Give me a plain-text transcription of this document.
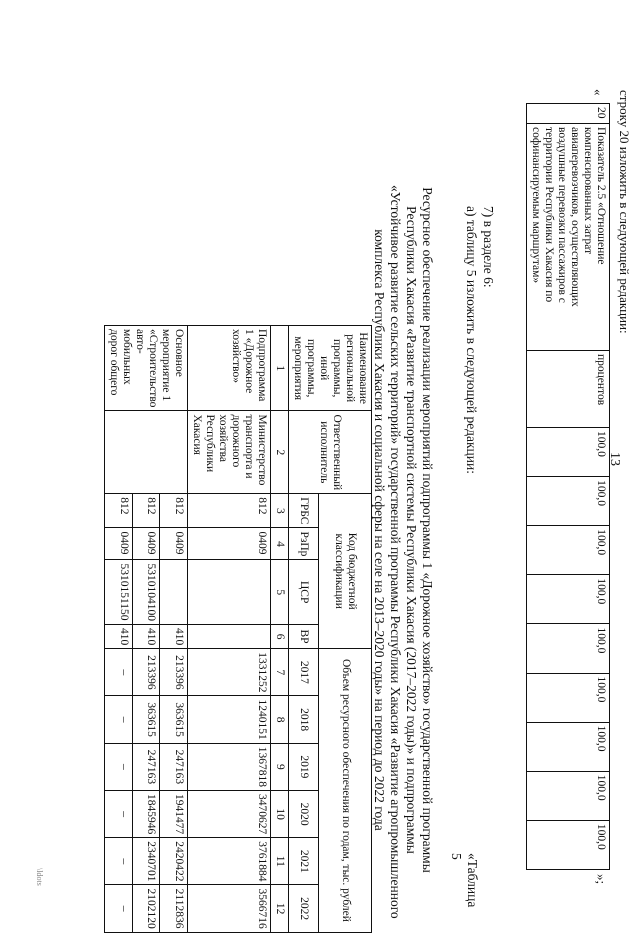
13
строку 20 изложить в следующей редакции:
«
20	Показатель 2.5 «Отношение компенсированных затрат авиаперевозчиков, осуществляющих воздушные перевозки пассажиров с территории Республики Хакасия по софинансируемым маршрутам»	процентов	100,0	100,0	100,0	100,0	100,0	100,0	100,0	100,0	100,0
»;
7) в разделе 6:
а) таблицу 5 изложить в следующей редакции:
«Таблица 5
Ресурсное обеспечение реализации мероприятий подпрограммы 1 «Дорожное хозяйство» государственной программы
Республики Хакасия «Развитие транспортной системы Республики Хакасия (2017–2022 годы)» и подпрограммы
«Устойчивое развитие сельских территорий» государственной программы Республики Хакасия «Развитие агропромышленного
комплекса Республики Хакасия и социальной сферы на селе на 2013–2020 годы» на период до 2022 года
Наименование региональной программы, иной программы, мероприятия	Ответственный исполнитель	Код бюджетной классификации				Объем ресурсного обеспечения по годам, тыс. рублей					
		ГРБС	РзПр	ЦСР	ВР	2017	2018	2019	2020	2021	2022
1	2	3	4	5	6	7	8	9	10	11	12
Подпрограмма 1 «Дорожное хозяйство»	Министерство транспорта и дорожного хозяйства Республики Хакасия	812	0409			1331252	1240151	1367818	3470627	3761884	3566716
Основное мероприятие 1 «Строительство авто-мобильных дорог общего		812	0409		410	213396	363615	247163	1941477	2420422	2112836
		812	0409	5310104100	410	213396	363615	247163	1845946	2340701	2102120
		812	0409	5310151150	410	–	–	–	–	–	–
\ldots
